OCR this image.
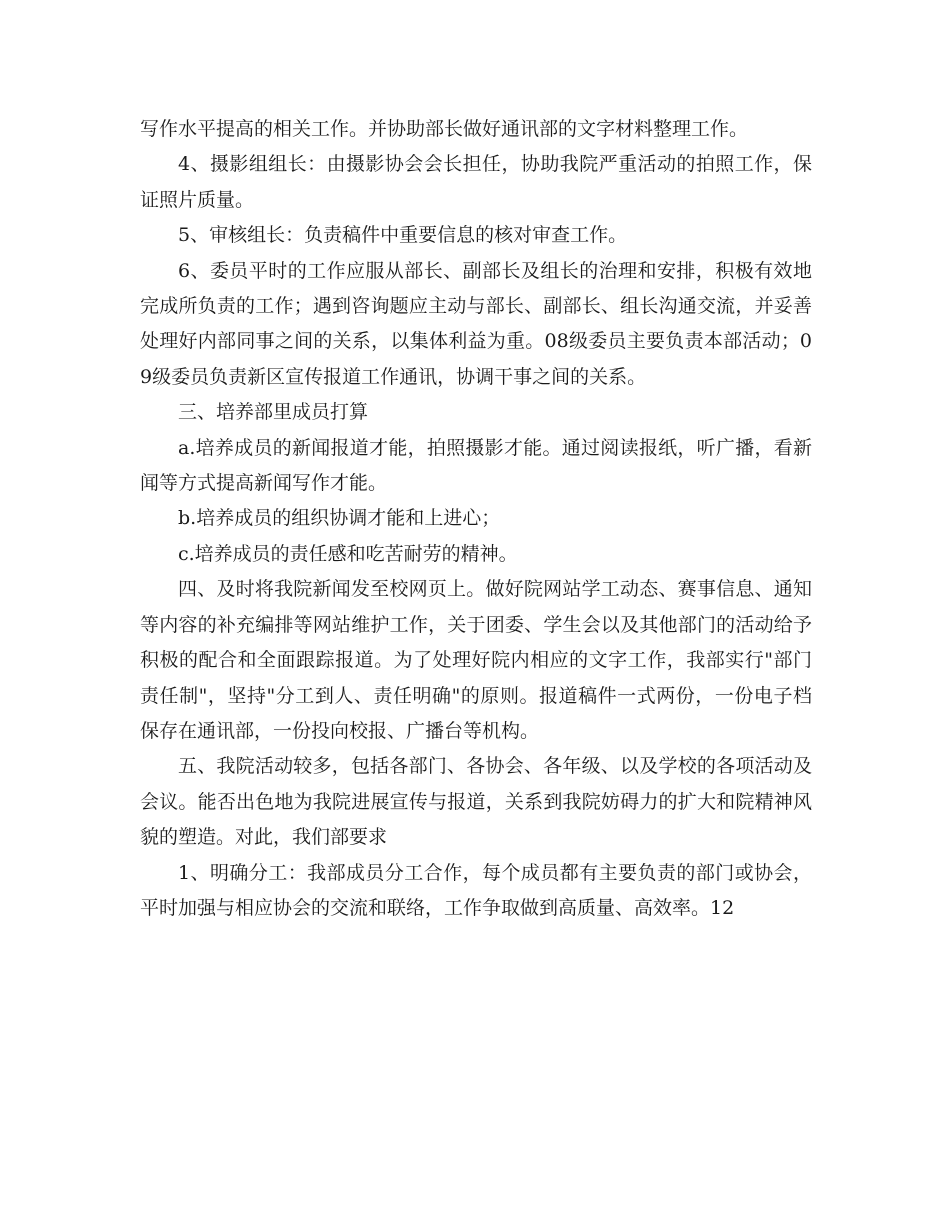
写作水平提高的相关工作。并协助部长做好通讯部的文字材料整理工作。

4、摄影组组长：由摄影协会会长担任，协助我院严重活动的拍照工作，保证照片质量。

5、审核组长：负责稿件中重要信息的核对审查工作。

6、委员平时的工作应服从部长、副部长及组长的治理和安排，积极有效地完成所负责的工作；遇到咨询题应主动与部长、副部长、组长沟通交流，并妥善处理好内部同事之间的关系，以集体利益为重。08级委员主要负责本部活动；09级委员负责新区宣传报道工作通讯，协调干事之间的关系。

三、培养部里成员打算

a.培养成员的新闻报道才能，拍照摄影才能。通过阅读报纸，听广播，看新闻等方式提高新闻写作才能。

b.培养成员的组织协调才能和上进心；

c.培养成员的责任感和吃苦耐劳的精神。

四、及时将我院新闻发至校网页上。做好院网站学工动态、赛事信息、通知等内容的补充编排等网站维护工作，关于团委、学生会以及其他部门的活动给予积极的配合和全面跟踪报道。为了处理好院内相应的文字工作，我部实行"部门责任制"，坚持"分工到人、责任明确"的原则。报道稿件一式两份，一份电子档保存在通讯部，一份投向校报、广播台等机构。

五、我院活动较多，包括各部门、各协会、各年级、以及学校的各项活动及会议。能否出色地为我院进展宣传与报道，关系到我院妨碍力的扩大和院精神风貌的塑造。对此，我们部要求

1、明确分工：我部成员分工合作，每个成员都有主要负责的部门或协会，平时加强与相应协会的交流和联络，工作争取做到高质量、高效率。12
